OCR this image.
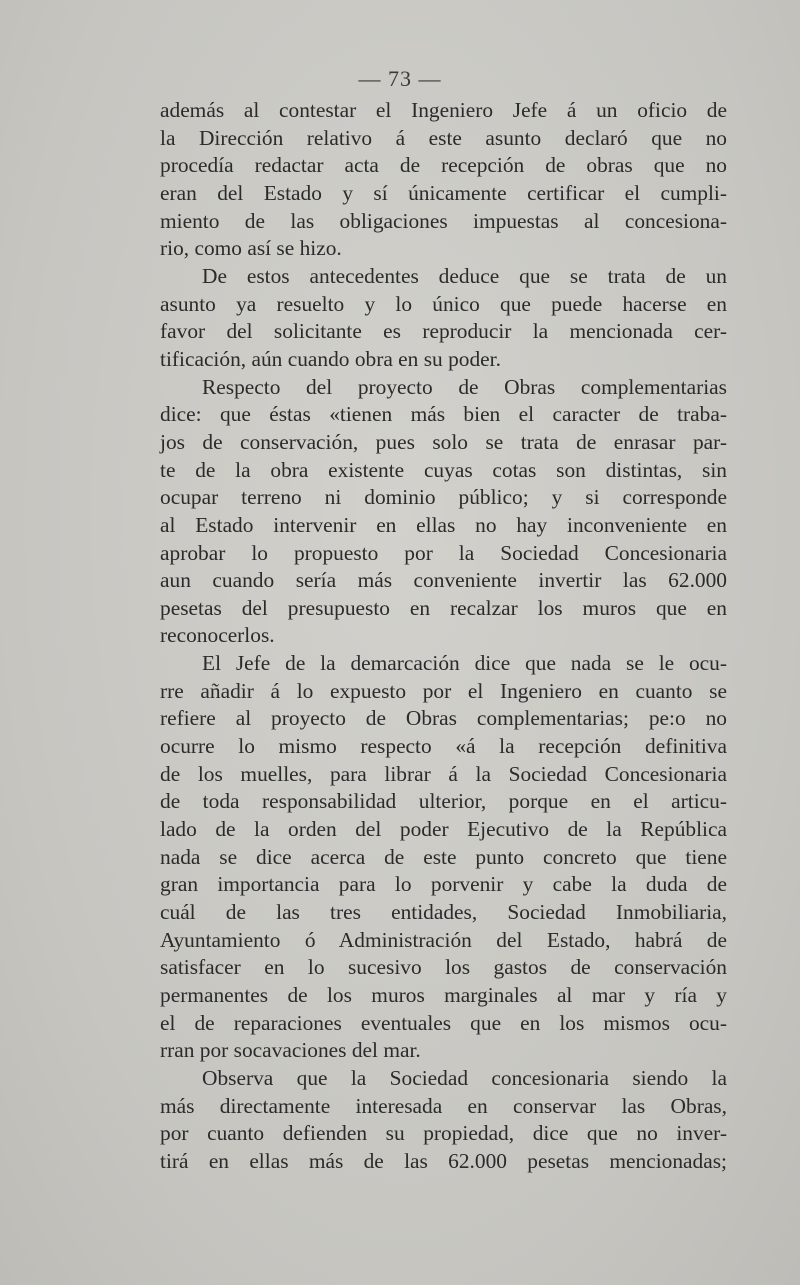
— 73 —
además al contestar el Ingeniero Jefe á un oficio de
la Dirección relativo á este asunto declaró que no
procedía redactar acta de recepción de obras que no
eran del Estado y sí únicamente certificar el cumpli-
miento de las obligaciones impuestas al concesiona-
rio, como así se hizo.
De estos antecedentes deduce que se trata de un
asunto ya resuelto y lo único que puede hacerse en
favor del solicitante es reproducir la mencionada cer-
tificación, aún cuando obra en su poder.
Respecto del proyecto de Obras complementarias
dice: que éstas «tienen más bien el caracter de traba-
jos de conservación, pues solo se trata de enrasar par-
te de la obra existente cuyas cotas son distintas, sin
ocupar terreno ni dominio público; y si corresponde
al Estado intervenir en ellas no hay inconveniente en
aprobar lo propuesto por la Sociedad Concesionaria
aun cuando sería más conveniente invertir las 62.000
pesetas del presupuesto en recalzar los muros que en
reconocerlos.
El Jefe de la demarcación dice que nada se le ocu-
rre añadir á lo expuesto por el Ingeniero en cuanto se
refiere al proyecto de Obras complementarias; pe:o no
ocurre lo mismo respecto «á la recepción definitiva
de los muelles, para librar á la Sociedad Concesionaria
de toda responsabilidad ulterior, porque en el articu-
lado de la orden del poder Ejecutivo de la República
nada se dice acerca de este punto concreto que tiene
gran importancia para lo porvenir y cabe la duda de
cuál de las tres entidades, Sociedad Inmobiliaria,
Ayuntamiento ó Administración del Estado, habrá de
satisfacer en lo sucesivo los gastos de conservación
permanentes de los muros marginales al mar y ría y
el de reparaciones eventuales que en los mismos ocu-
rran por socavaciones del mar.
Observa que la Sociedad concesionaria siendo la
más directamente interesada en conservar las Obras,
por cuanto defienden su propiedad, dice que no inver-
tirá en ellas más de las 62.000 pesetas mencionadas;
